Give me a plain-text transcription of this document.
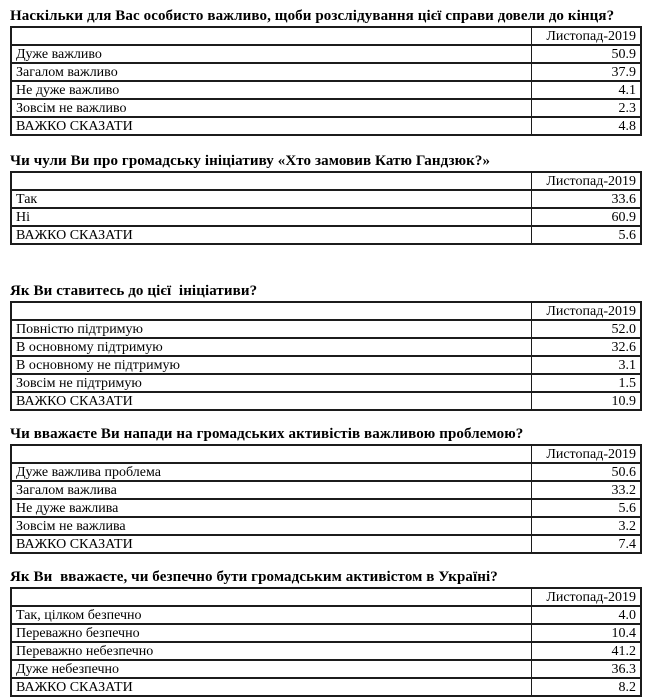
Наскільки для Вас особисто важливо, щоби розслідування цієї справи довели до кінця?

	Листопад-2019
Дуже важливо	50.9
Загалом важливо	37.9
Не дуже важливо	4.1
Зовсім не важливо	2.3
ВАЖКО СКАЗАТИ	4.8

Чи чули Ви про громадську ініціативу «Хто замовив Катю Гандзюк?»

	Листопад-2019
Так	33.6
Ні	60.9
ВАЖКО СКАЗАТИ	5.6

Як Ви ставитесь до цієї  ініціативи?

	Листопад-2019
Повністю підтримую	52.0
В основному підтримую	32.6
В основному не підтримую	3.1
Зовсім не підтримую	1.5
ВАЖКО СКАЗАТИ	10.9

Чи вважаєте Ви напади на громадських активістів важливою проблемою?

	Листопад-2019
Дуже важлива проблема	50.6
Загалом важлива	33.2
Не дуже важлива	5.6
Зовсім не важлива	3.2
ВАЖКО СКАЗАТИ	7.4

Як Ви  вважаєте, чи безпечно бути громадським активістом в Україні?

	Листопад-2019
Так, цілком безпечно	4.0
Переважно безпечно	10.4
Переважно небезпечно	41.2
Дуже небезпечно	36.3
ВАЖКО СКАЗАТИ	8.2
